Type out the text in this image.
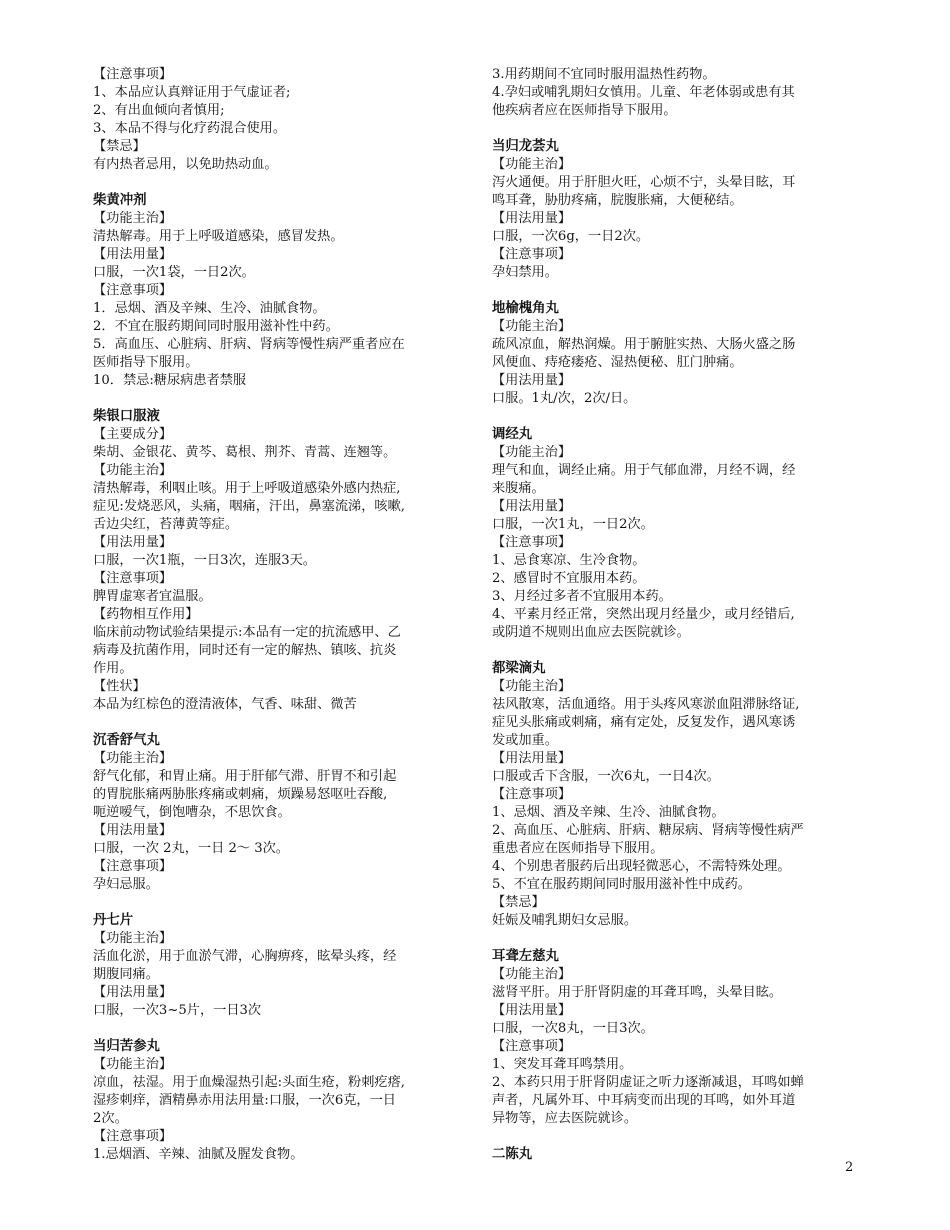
【注意事项】
1、本品应认真辩证用于气虚证者;
2、有出血倾向者慎用;
3、本品不得与化疗药混合使用。
【禁忌】
有内热者忌用，以免助热动血。
柴黄冲剂
【功能主治】
清热解毒。用于上呼吸道感染，感冒发热。
【用法用量】
口服，一次1袋，一日2次。
【注意事项】
1．忌烟、酒及辛辣、生冷、油腻食物。
2．不宜在服药期间同时服用滋补性中药。
5．高血压、心脏病、肝病、肾病等慢性病严重者应在
医师指导下服用。
10．禁忌:糖尿病患者禁服
柴银口服液
【主要成分】
柴胡、金银花、黄芩、葛根、荆芥、青蒿、连翘等。
【功能主治】
清热解毒，利咽止咳。用于上呼吸道感染外感内热症,
症见:发烧恶风，头痛，咽痛，汗出，鼻塞流涕，咳嗽,
舌边尖红，苔薄黄等症。
【用法用量】
口服，一次1瓶，一日3次，连服3天。
【注意事项】
脾胃虚寒者宜温服。
【药物相互作用】
临床前动物试验结果提示:本品有一定的抗流感甲、乙
病毒及抗菌作用，同时还有一定的解热、镇咳、抗炎
作用。
【性状】
本品为红棕色的澄清液体，气香、味甜、微苦
沉香舒气丸
【功能主治】
舒气化郁，和胃止痛。用于肝郁气滞、肝胃不和引起
的胃脘胀痛两胁胀疼痛或刺痛，烦躁易怒呕吐吞酸,
呃逆嗳气，倒饱嘈杂，不思饮食。
【用法用量】
口服，一次 2丸，一日 2～ 3次。
【注意事项】
孕妇忌服。
丹七片
【功能主治】
活血化淤，用于血淤气滞，心胸痹疼，眩晕头疼，经
期腹同痛。
【用法用量】
口服，一次3~5片，一日3次
当归苦参丸
【功能主治】
凉血，祛湿。用于血燥湿热引起:头面生疮，粉刺疙瘩,
湿疹刺痒，酒精鼻赤用法用量:口服，一次6克，一日
2次。
【注意事项】
1.忌烟酒、辛辣、油腻及腥发食物。
3.用药期间不宜同时服用温热性药物。
4.孕妇或哺乳期妇女慎用。儿童、年老体弱或患有其
他疾病者应在医师指导下服用。
当归龙荟丸
【功能主治】
泻火通便。用于肝胆火旺，心烦不宁，头晕目眩，耳
鸣耳聋，胁肋疼痛，脘腹胀痛，大便秘结。
【用法用量】
口服，一次6g，一日2次。
【注意事项】
孕妇禁用。
地榆槐角丸
【功能主治】
疏风凉血，解热润燥。用于腑脏实热、大肠火盛之肠
风便血、痔疮瘘疮、湿热便秘、肛门肿痛。
【用法用量】
口服。1丸/次，2次/日。
调经丸
【功能主治】
理气和血，调经止痛。用于气郁血滞，月经不调，经
来腹痛。
【用法用量】
口服，一次1丸，一日2次。
【注意事项】
1、忌食寒凉、生冷食物。
2、感冒时不宜服用本药。
3、月经过多者不宜服用本药。
4、平素月经正常，突然出现月经量少，或月经错后,
或阴道不规则出血应去医院就诊。
都梁滴丸
【功能主治】
祛风散寒，活血通络。用于头疼风寒淤血阻滞脉络证,
症见头胀痛或刺痛，痛有定处，反复发作，遇风寒诱
发或加重。
【用法用量】
口服或舌下含服，一次6丸，一日4次。
【注意事项】
1、忌烟、酒及辛辣、生冷、油腻食物。
2、高血压、心脏病、肝病、糖尿病、肾病等慢性病严
重患者应在医师指导下服用。
4、个别患者服药后出现轻微恶心，不需特殊处理。
5、不宜在服药期间同时服用滋补性中成药。
【禁忌】
妊娠及哺乳期妇女忌服。
耳聋左慈丸
【功能主治】
滋肾平肝。用于肝肾阴虚的耳聋耳鸣，头晕目眩。
【用法用量】
口服，一次8丸，一日3次。
【注意事项】
1、突发耳聋耳鸣禁用。
2、本药只用于肝肾阴虚证之听力逐渐减退，耳鸣如蝉
声者，凡属外耳、中耳病变而出现的耳鸣，如外耳道
异物等，应去医院就诊。
二陈丸
2
